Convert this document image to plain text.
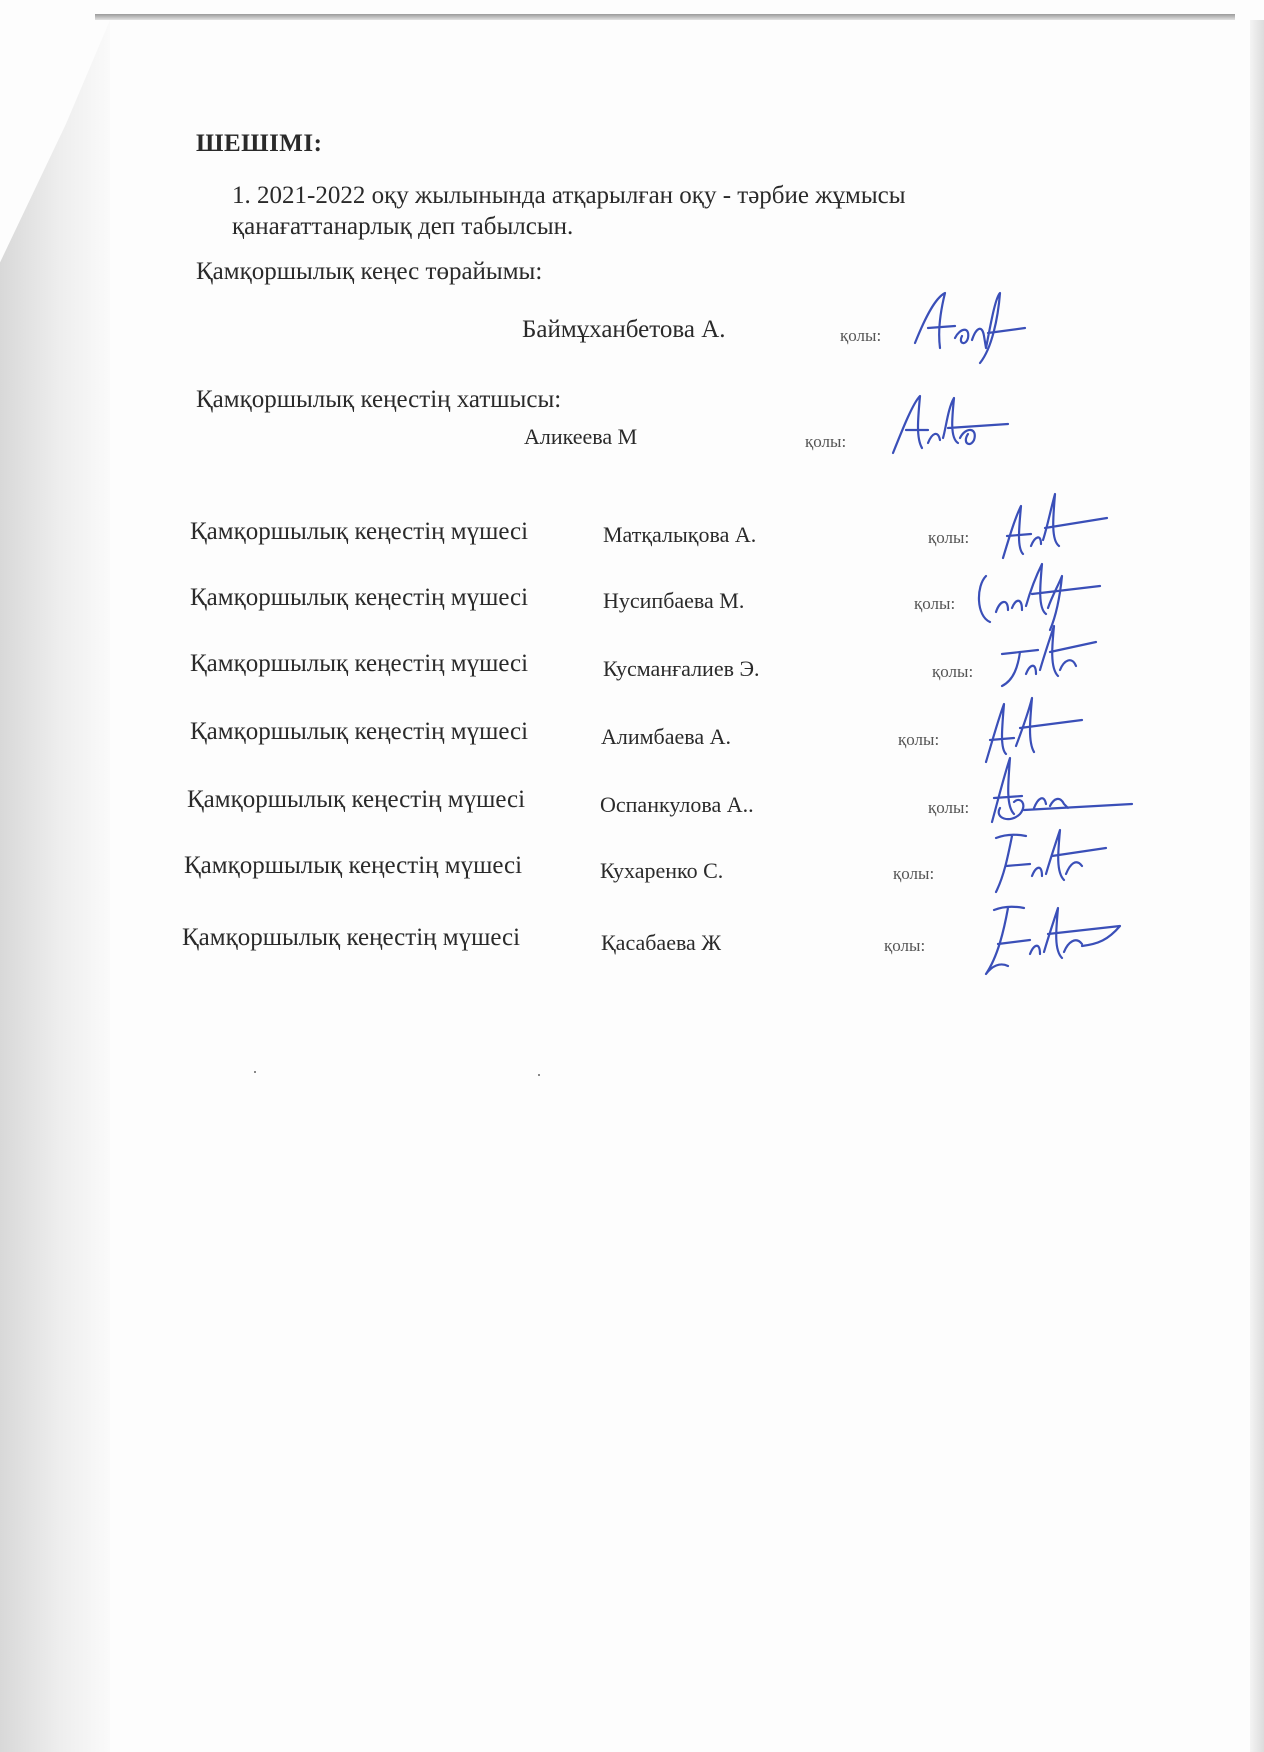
ШЕШІМІ:
1. 2021-2022 оқу жылынында атқарылған оқу - тәрбие жұмысы
қанағаттанарлық деп табылсын.
Қамқоршылық кеңес төрайымы:
Баймұханбетова А.	қолы:
Қамқоршылық кеңестің хатшысы:
Аликеева М	қолы:
Қамқоршылық кеңестің мүшесі	Матқалықова А.	қолы:
Қамқоршылық кеңестің мүшесі	Нусипбаева М.	қолы:
Қамқоршылық кеңестің мүшесі	Кусманғалиев Э.	қолы:
Қамқоршылық кеңестің мүшесі	Алимбаева А.	қолы:
Қамқоршылық кеңестің мүшесі	Оспанкулова А..	қолы:
Қамқоршылық кеңестің мүшесі	Кухаренко С.	қолы:
Қамқоршылық кеңестің мүшесі	Қасабаева Ж	қолы:
